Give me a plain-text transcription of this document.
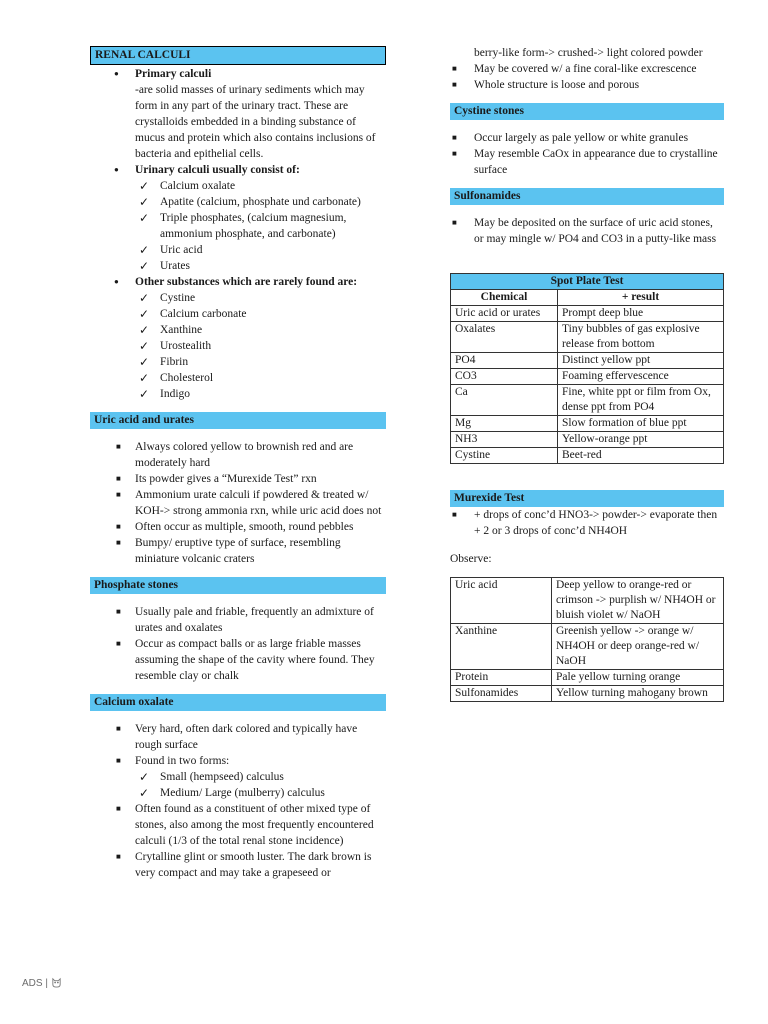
RENAL CALCULI
● Primary calculi
-are solid masses of urinary sediments which may form in any part of the urinary tract. These are crystalloids embedded in a binding substance of mucus and protein which also contains inclusions of bacteria and epithelial cells.
● Urinary calculi usually consist of:
✓ Calcium oxalate
✓ Apatite (calcium, phosphate und carbonate)
✓ Triple phosphates, (calcium magnesium, ammonium phosphate, and carbonate)
✓ Uric acid
✓ Urates
● Other substances which are rarely found are:
✓ Cystine
✓ Calcium carbonate
✓ Xanthine
✓ Urostealith
✓ Fibrin
✓ Cholesterol
✓ Indigo
Uric acid and urates
■ Always colored yellow to brownish red and are moderately hard
■ Its powder gives a “Murexide Test” rxn
■ Ammonium urate calculi if powdered & treated w/ KOH-> strong ammonia rxn, while uric acid does not
■ Often occur as multiple, smooth, round pebbles
■ Bumpy/ eruptive type of surface, resembling miniature volcanic craters
Phosphate stones
■ Usually pale and friable, frequently an admixture of urates and oxalates
■ Occur as compact balls or as large friable masses assuming the shape of the cavity where found. They resemble clay or chalk
Calcium oxalate
■ Very hard, often dark colored and typically have rough surface
■ Found in two forms:
✓ Small (hempseed) calculus
✓ Medium/ Large (mulberry) calculus
■ Often found as a constituent of other mixed type of stones, also among the most frequently encountered calculi (1/3 of the total renal stone incidence)
■ Crytalline glint or smooth luster. The dark brown is very compact and may take a grapeseed or
berry-like form-> crushed-> light colored powder
■ May be covered w/ a fine coral-like excrescence
■ Whole structure is loose and porous
Cystine stones
■ Occur largely as pale yellow or white granules
■ May resemble CaOx in appearance due to crystalline surface
Sulfonamides
■ May be deposited on the surface of uric acid stones, or may mingle w/ PO4 and CO3 in a putty-like mass
Spot Plate Test	
Chemical	+ result
Uric acid or urates	Prompt deep blue
Oxalates	Tiny bubbles of gas explosive release from bottom
PO4	Distinct yellow ppt
CO3	Foaming effervescence
Ca	Fine, white ppt or film from Ox, dense ppt from PO4
Mg	Slow formation of blue ppt
NH3	Yellow-orange ppt
Cystine	Beet-red
Murexide Test
■ + drops of conc’d HNO3-> powder-> evaporate then + 2 or 3 drops of conc’d NH4OH
Observe:
Uric acid	Deep yellow to orange-red or crimson -> purplish w/ NH4OH or bluish violet w/ NaOH
Xanthine	Greenish yellow -> orange w/ NH4OH or deep orange-red w/ NaOH
Protein	Pale yellow turning orange
Sulfonamides	Yellow turning mahogany brown
ADS |
